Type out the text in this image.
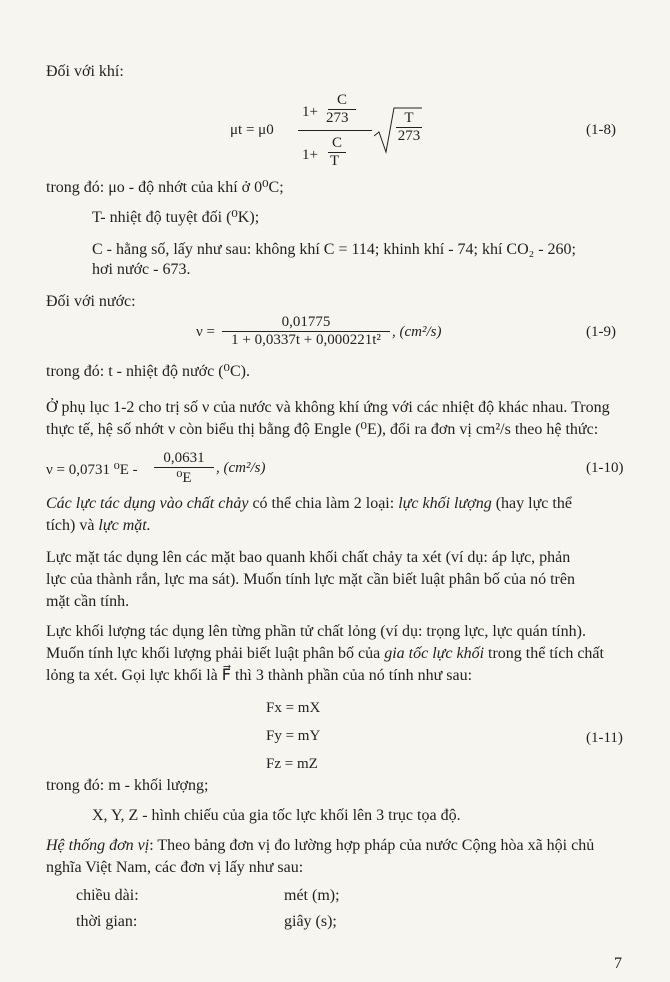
Đối với khí:
μt = μ0
1+
C
273
1+
C
T
T
273	(1-8)
trong đó: μo - độ nhớt của khí ở 0⁰C;
T- nhiệt độ tuyệt đối (⁰K);
C - hằng số, lấy như sau: không khí C = 114; khinh khí - 74; khí CO₂ - 260;
hơi nước - 673.
Đối với nước:
$\nu = \frac{0,01775}{\text{1 + 0,0337t + 0,000221t²}}$ , (cm²/s)	(1-9)
trong đó: t - nhiệt độ nước (⁰C).
Ở phụ lục 1-2 cho trị số ν của nước và không khí ứng với các nhiệt độ khác nhau. Trong
thực tế, hệ số nhớt ν còn biểu thị bằng độ Engle (⁰E), đổi ra đơn vị cm²/s theo hệ thức:
ν = 0,0731 ⁰E -
0,0631
⁰E
, (cm²/s)	(1-10)
Các lực tác dụng vào chất chảy có thể chia làm 2 loại: lực khối lượng (hay lực thể
tích) và lực mặt.
Lực mặt tác dụng lên các mặt bao quanh khối chất chảy ta xét (ví dụ: áp lực, phản
lực của thành rắn, lực ma sát). Muốn tính lực mặt cần biết luật phân bố của nó trên
mặt cần tính.
Lực khối lượng tác dụng lên từng phần tử chất lỏng (ví dụ: trọng lực, lực quán tính).
Muốn tính lực khối lượng phải biết luật phân bố của gia tốc lực khối trong thể tích chất
lỏng ta xét. Gọi lực khối là F⃗ thì 3 thành phần của nó tính như sau:
Fx = mX
Fy = mY
Fz = mZ
(1-11)
trong đó: m - khối lượng;
X, Y, Z - hình chiếu của gia tốc lực khối lên 3 trục tọa độ.
Hệ thống đơn vị: Theo bảng đơn vị đo lường hợp pháp của nước Cộng hòa xã hội chủ
nghĩa Việt Nam, các đơn vị lấy như sau:
chiều dài:	mét (m);
thời gian:	giây (s);
7
